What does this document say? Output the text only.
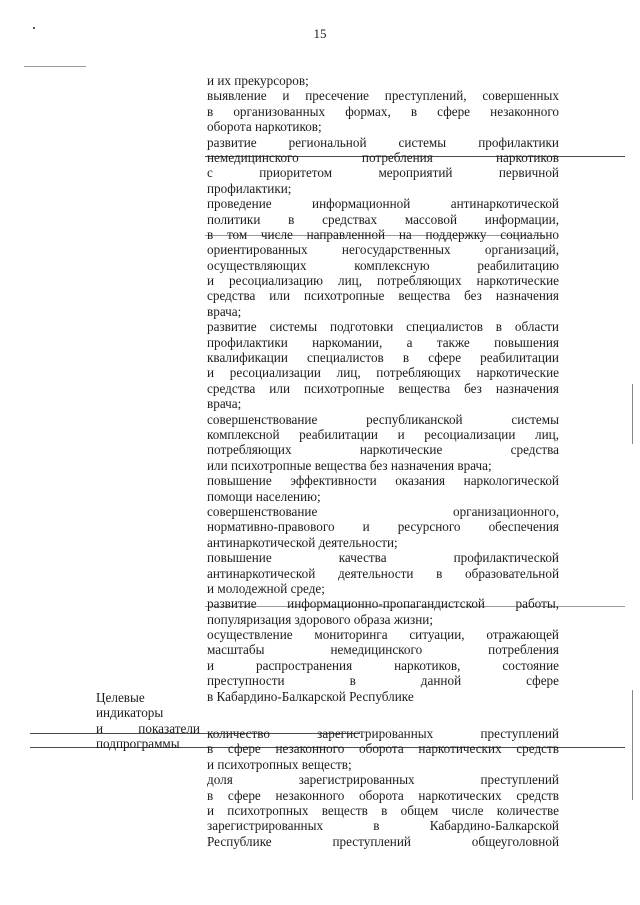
15
и их прекурсоров;
выявление и пресечение преступлений, совершенных
в организованных формах, в сфере незаконного
оборота наркотиков;
развитие региональной системы профилактики
немедицинского потребления наркотиков
с приоритетом мероприятий первичной
профилактики;
проведение информационной антинаркотической
политики в средствах массовой информации,
в том числе направленной на поддержку социально
ориентированных негосударственных организаций,
осуществляющих комплексную реабилитацию
и ресоциализацию лиц, потребляющих наркотические
средства или психотропные вещества без назначения
врача;
развитие системы подготовки специалистов в области
профилактики наркомании, а также повышения
квалификации специалистов в сфере реабилитации
и ресоциализации лиц, потребляющих наркотические
средства или психотропные вещества без назначения
врача;
совершенствование республиканской системы
комплексной реабилитации и ресоциализации лиц,
потребляющих наркотические средства
или психотропные вещества без назначения врача;
повышение эффективности оказания наркологической
помощи населению;
совершенствование организационного,
нормативно-правового и ресурсного обеспечения
антинаркотической деятельности;
повышение качества профилактической
антинаркотической деятельности в образовательной
и молодежной среде;
развитие информационно-пропагандистской работы,
популяризация здорового образа жизни;
осуществление мониторинга ситуации, отражающей
масштабы немедицинского потребления
и распространения наркотиков, состояние
преступности в данной сфере
в Кабардино-Балкарской Республике
количество зарегистрированных преступлений
в сфере незаконного оборота наркотических средств
и психотропных веществ;
доля зарегистрированных преступлений
в сфере незаконного оборота наркотических средств
и психотропных веществ в общем числе количестве
зарегистрированных в Кабардино-Балкарской
Республике преступлений общеуголовной
Целевые
индикаторы
и показатели
подпрограммы
